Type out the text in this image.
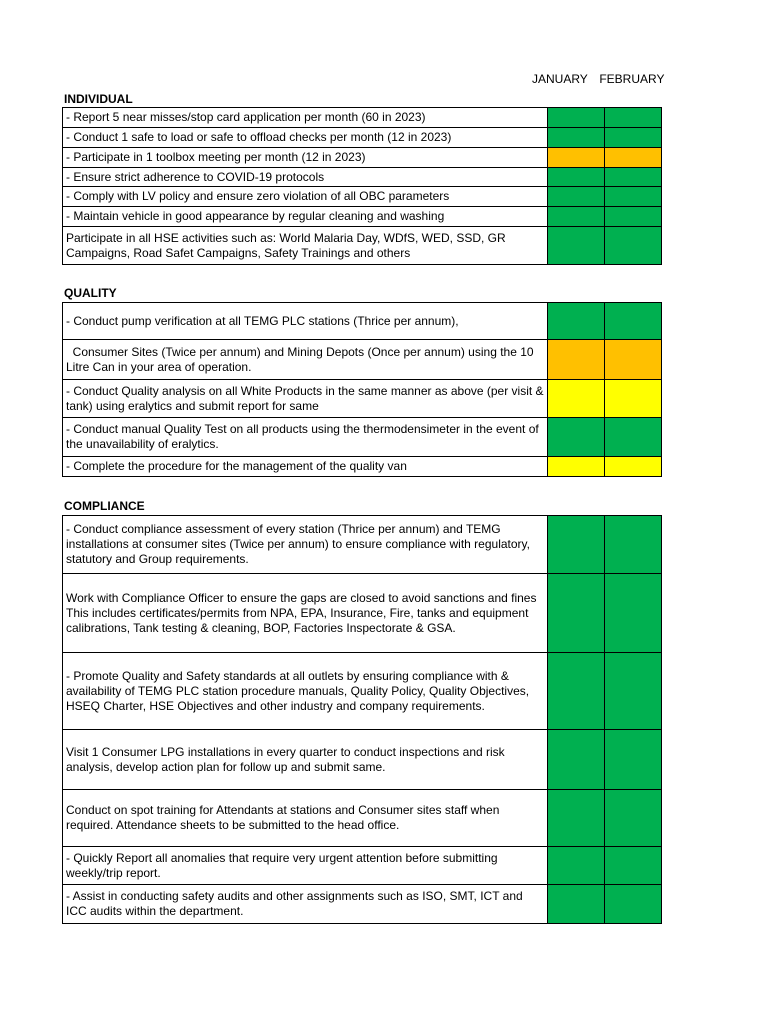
JANUARY FEBRUARY
INDIVIDUAL
- Report 5 near misses/stop card application per month (60 in 2023)		
- Conduct 1 safe to load or safe to offload checks per month (12 in 2023)		
- Participate in 1 toolbox meeting per month (12 in 2023)		
- Ensure strict adherence to COVID-19 protocols		
- Comply with LV policy and ensure zero violation of all OBC parameters		
- Maintain vehicle in good appearance by regular cleaning and washing		
Participate in all HSE activities such as: World Malaria Day, WDfS, WED, SSD, GR Campaigns, Road Safet Campaigns, Safety Trainings and others		
QUALITY
- Conduct pump verification at all TEMG PLC stations (Thrice per annum),		
Consumer Sites (Twice per annum) and Mining Depots (Once per annum) using the 10 Litre Can in your area of operation.		
- Conduct Quality analysis on all White Products in the same manner as above (per visit & tank) using eralytics and submit report for same		
- Conduct manual Quality Test on all products using the thermodensimeter in the event of the unavailability of eralytics.		
- Complete the procedure for the management of the quality van		
COMPLIANCE
- Conduct compliance assessment of every station (Thrice per annum) and TEMG installations at consumer sites (Twice per annum) to ensure compliance with regulatory, statutory and Group requirements.		
Work with Compliance Officer to ensure the gaps are closed to avoid sanctions and fines This includes certificates/permits from NPA, EPA, Insurance, Fire, tanks and equipment calibrations, Tank testing & cleaning, BOP, Factories Inspectorate & GSA.		
- Promote Quality and Safety standards at all outlets by ensuring compliance with & availability of TEMG PLC station procedure manuals, Quality Policy, Quality Objectives, HSEQ Charter, HSE Objectives and other industry and company requirements.		
Visit 1 Consumer LPG installations in every quarter to conduct inspections and risk analysis, develop action plan for follow up and submit same.		
Conduct on spot training for Attendants at stations and Consumer sites staff when required. Attendance sheets to be submitted to the head office.		
- Quickly Report all anomalies that require very urgent attention before submitting weekly/trip report.		
- Assist in conducting safety audits and other assignments such as ISO, SMT, ICT and ICC audits within the department.		
